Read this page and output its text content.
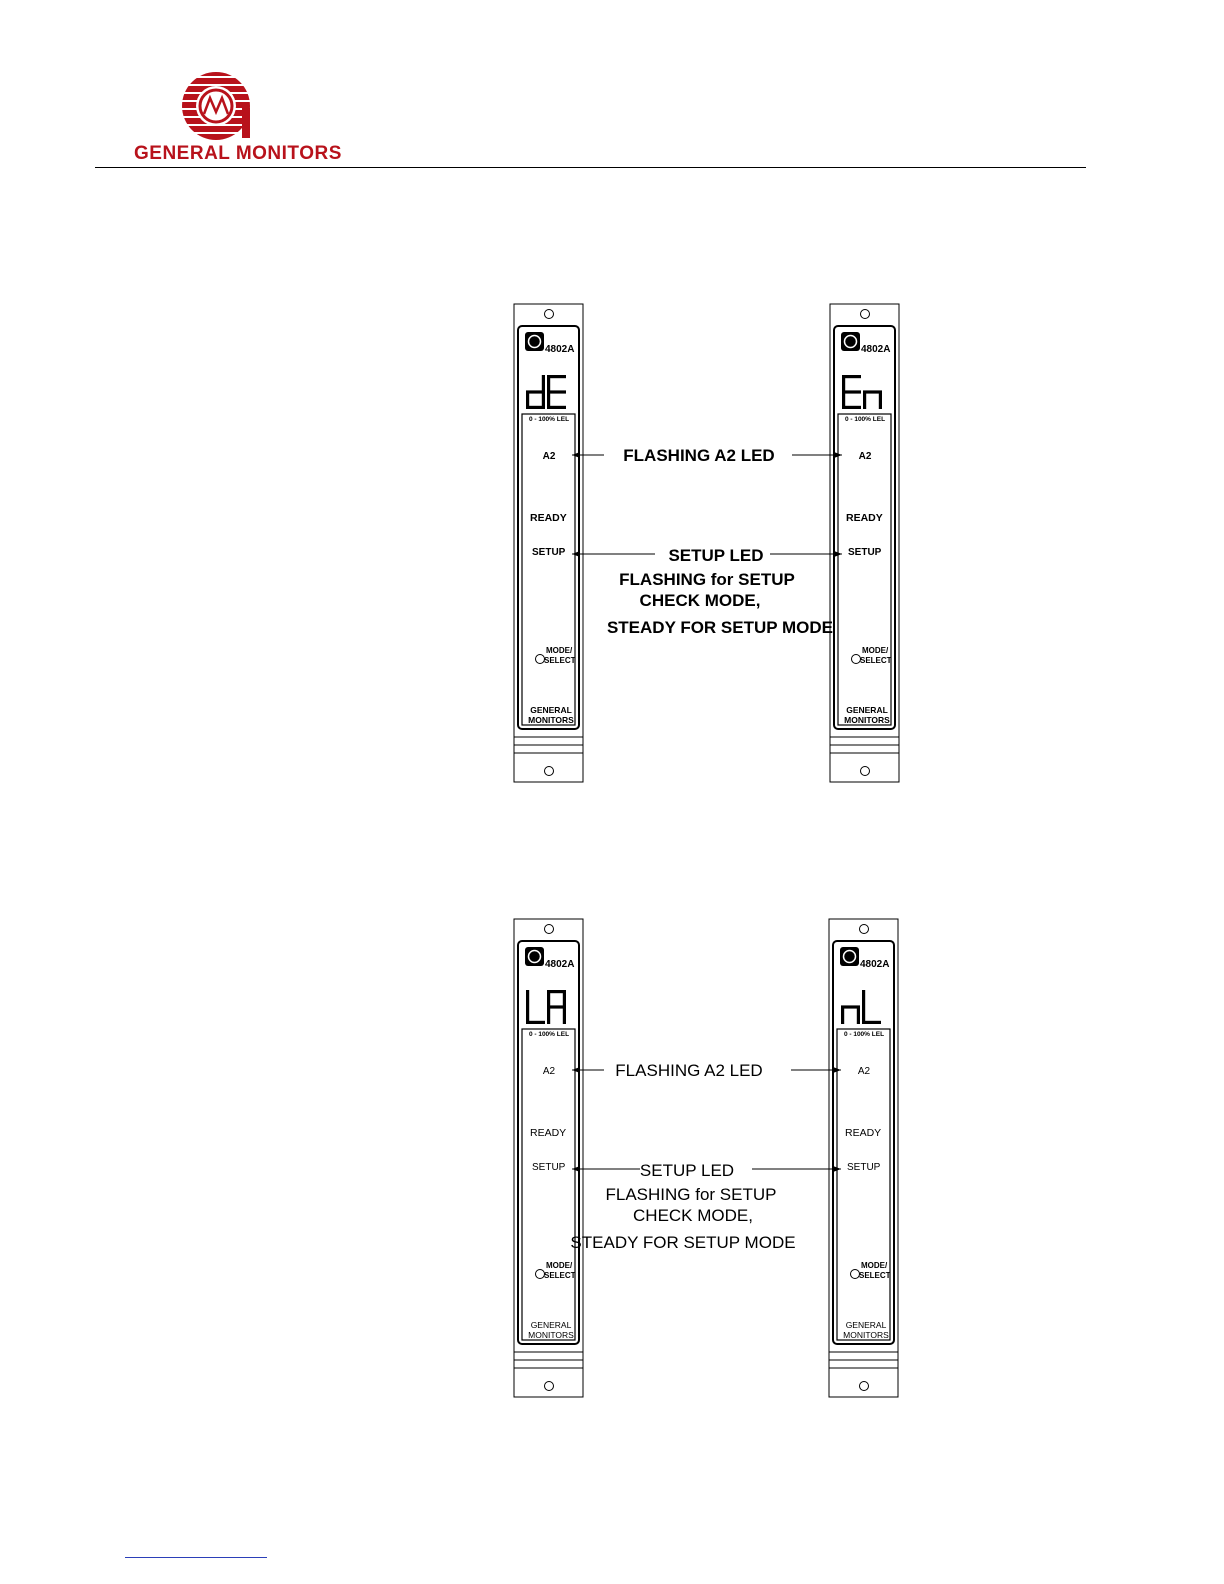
GENERAL MONITORS
4802A
0 - 100% LEL
A2
READY
SETUP
MODE/
SELECT
GENERAL
MONITORS
4802A
0 - 100% LEL
A2
READY
SETUP
MODE/
SELECT
GENERAL
MONITORS
FLASHING A2 LED
SETUP LED
FLASHING for SETUP
CHECK MODE,
STEADY FOR SETUP MODE
4802A
0 - 100% LEL
A2
READY
SETUP
MODE/
SELECT
GENERAL
MONITORS
4802A
0 - 100% LEL
A2
READY
SETUP
MODE/
SELECT
GENERAL
MONITORS
FLASHING A2 LED
SETUP LED
FLASHING for SETUP
CHECK MODE,
STEADY FOR SETUP MODE
